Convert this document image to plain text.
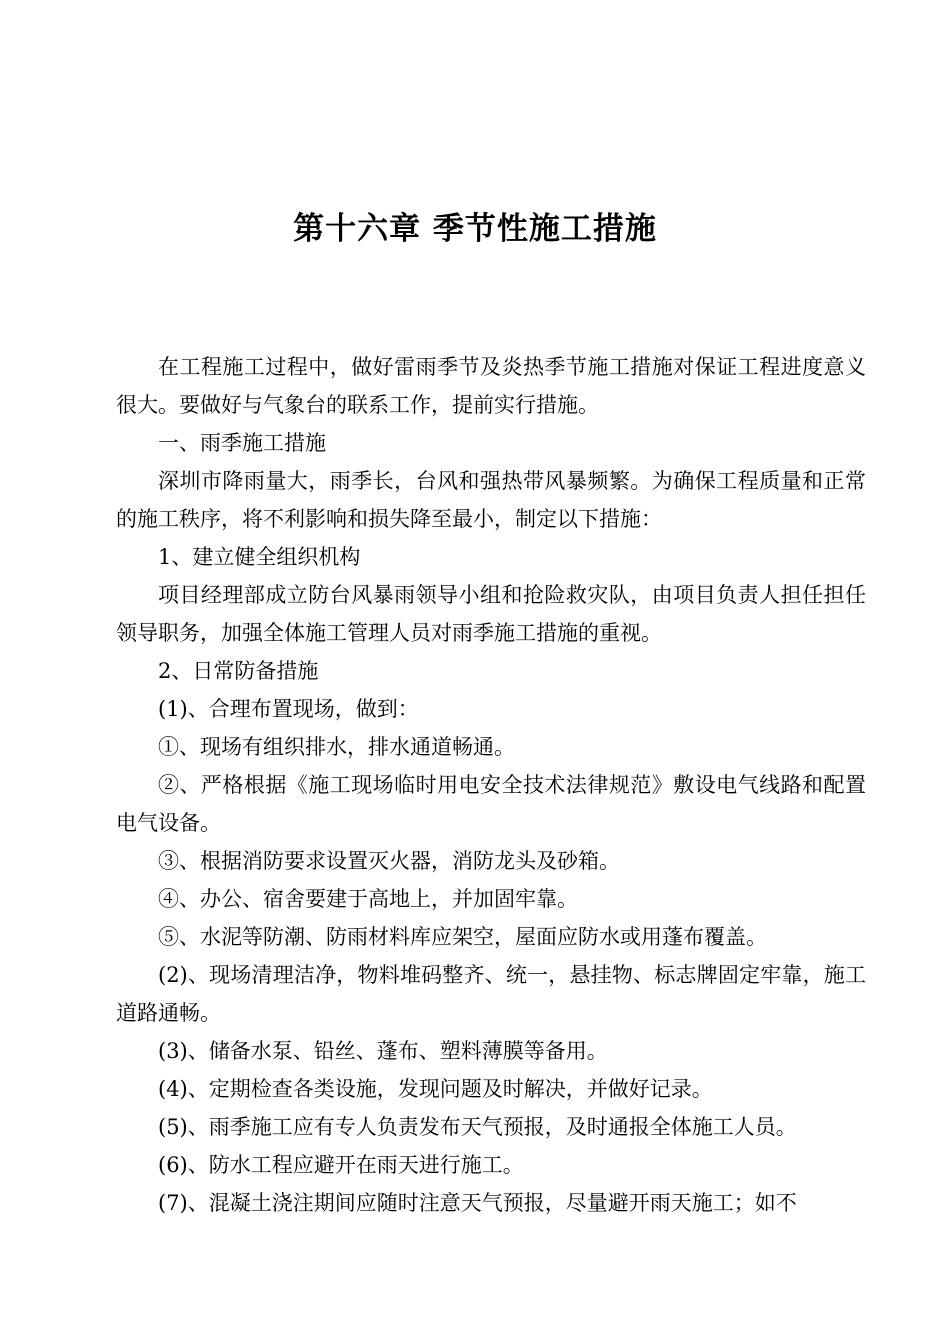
第十六章 季节性施工措施

在工程施工过程中，做好雷雨季节及炎热季节施工措施对保证工程进度意义很大。要做好与气象台的联系工作，提前实行措施。

一、雨季施工措施

深圳市降雨量大，雨季长，台风和强热带风暴频繁。为确保工程质量和正常的施工秩序，将不利影响和损失降至最小，制定以下措施：

1、建立健全组织机构

项目经理部成立防台风暴雨领导小组和抢险救灾队，由项目负责人担任担任领导职务，加强全体施工管理人员对雨季施工措施的重视。

2、日常防备措施

(1)、合理布置现场，做到：

①、现场有组织排水，排水通道畅通。

②、严格根据《施工现场临时用电安全技术法律规范》敷设电气线路和配置电气设备。

③、根据消防要求设置灭火器，消防龙头及砂箱。

④、办公、宿舍要建于高地上，并加固牢靠。

⑤、水泥等防潮、防雨材料库应架空，屋面应防水或用蓬布覆盖。

(2)、现场清理洁净，物料堆码整齐、统一，悬挂物、标志牌固定牢靠，施工道路通畅。

(3)、储备水泵、铅丝、蓬布、塑料薄膜等备用。

(4)、定期检查各类设施，发现问题及时解决，并做好记录。

(5)、雨季施工应有专人负责发布天气预报，及时通报全体施工人员。

(6)、防水工程应避开在雨天进行施工。

(7)、混凝土浇注期间应随时注意天气预报，尽量避开雨天施工；如不
